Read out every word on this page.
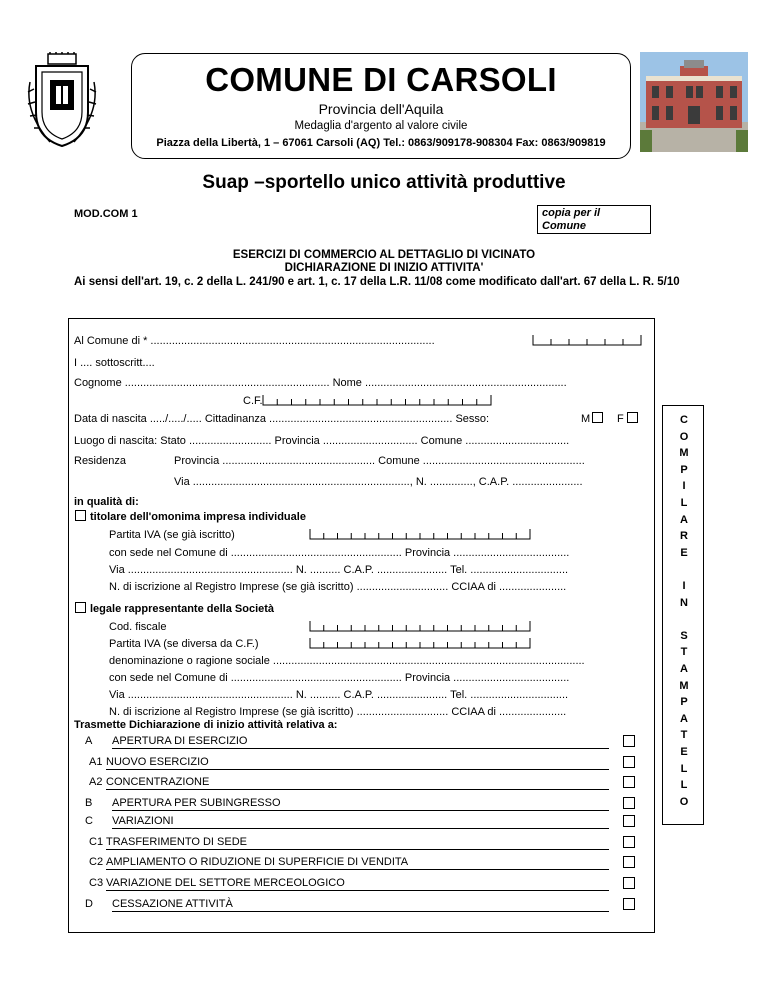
COMUNE DI CARSOLI
Provincia dell'Aquila
Medaglia d'argento al valore civile
Piazza della Libertà, 1 – 67061 Carsoli (AQ) Tel.: 0863/909178-908304 Fax: 0863/909819
Suap –sportello unico attività produttive
MOD.COM 1	copia per il Comune
ESERCIZI DI COMMERCIO AL DETTAGLIO DI VICINATO
DICHIARAZIONE DI INIZIO ATTIVITA'
Ai sensi dell'art. 19, c. 2 della L. 241/90 e art. 1, c. 17 della L.R. 11/08 come modificato dall'art. 67 della L. R. 5/10
Al Comune di * .............................................................................................
I .... sottoscritt....
Cognome ................................................................... Nome ..................................................................
C.F.
Data di nascita ...../...../..... Cittadinanza ............................................................ Sesso:	M F
Luogo di nascita: Stato ........................... Provincia ............................... Comune ..................................
Residenza	Provincia .................................................. Comune .....................................................
Via ......................................................................., N. .............., C.A.P. .......................
in qualità di:
titolare dell'omonima impresa individuale
Partita IVA (se già iscritto)
con sede nel Comune di ........................................................ Provincia ......................................
Via ...................................................... N. .......... C.A.P. ....................... Tel. ................................
N. di iscrizione al Registro Imprese (se già iscritto) .............................. CCIAA di ......................
legale rappresentante della Società
Cod. fiscale
Partita IVA (se diversa da C.F.)
denominazione o ragione sociale ......................................................................................................
con sede nel Comune di ........................................................ Provincia ......................................
Via ...................................................... N. .......... C.A.P. ....................... Tel. ................................
N. di iscrizione al Registro Imprese (se già iscritto) .............................. CCIAA di ......................
Trasmette Dichiarazione di inizio attività relativa a:
A APERTURA DI ESERCIZIO
A1 NUOVO ESERCIZIO
A2 CONCENTRAZIONE
B APERTURA PER SUBINGRESSO
C VARIAZIONI
C1 TRASFERIMENTO DI SEDE
C2 AMPLIAMENTO O RIDUZIONE DI SUPERFICIE DI VENDITA
C3 VARIAZIONE DEL SETTORE MERCEOLOGICO
D CESSAZIONE ATTIVITÀ
C
O
M
P
I
L
A
R
E
I
N
S
T
A
M
P
A
T
E
L
L
O
